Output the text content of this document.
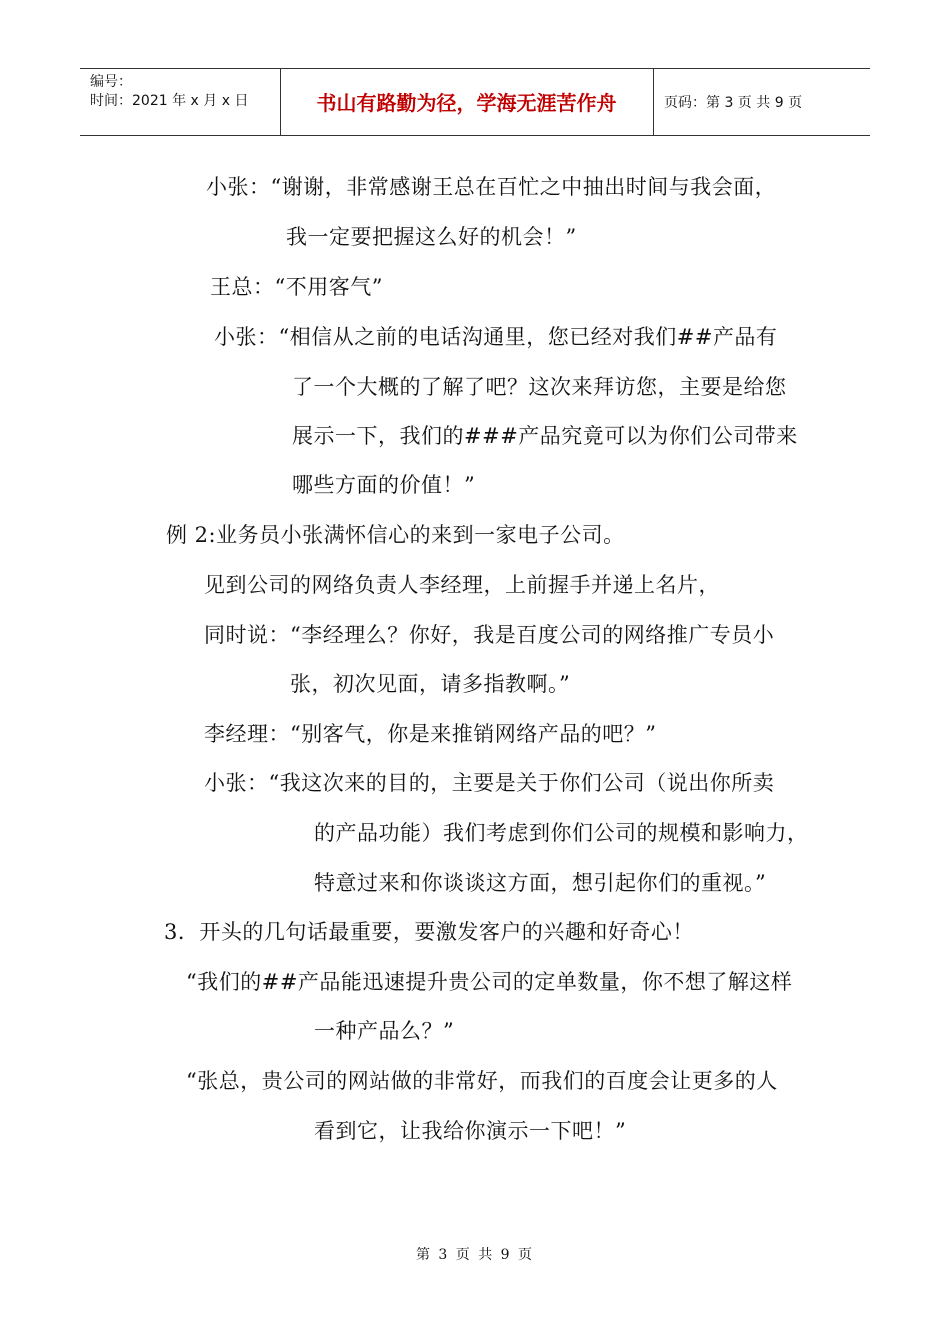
编号：
时间：2021 年 x 月 x 日	书山有路勤为径，学海无涯苦作舟	页码：第 3 页 共 9 页
小张：“谢谢，非常感谢王总在百忙之中抽出时间与我会面，
我一定要把握这么好的机会！”
王总：“不用客气”
小张：“相信从之前的电话沟通里，您已经对我们##产品有
了一个大概的了解了吧？这次来拜访您，主要是给您
展示一下，我们的###产品究竟可以为你们公司带来
哪些方面的价值！”
例 2:业务员小张满怀信心的来到一家电子公司。
见到公司的网络负责人李经理，上前握手并递上名片，
同时说：“李经理么？你好，我是百度公司的网络推广专员小
张，初次见面，请多指教啊。”
李经理：“别客气，你是来推销网络产品的吧？”
小张：“我这次来的目的，主要是关于你们公司（说出你所卖
的产品功能）我们考虑到你们公司的规模和影响力，
特意过来和你谈谈这方面，想引起你们的重视。”
3．开头的几句话最重要，要激发客户的兴趣和好奇心！
“我们的##产品能迅速提升贵公司的定单数量，你不想了解这样
一种产品么？”
“张总，贵公司的网站做的非常好，而我们的百度会让更多的人
看到它，让我给你演示一下吧！”
第 3 页 共 9 页
